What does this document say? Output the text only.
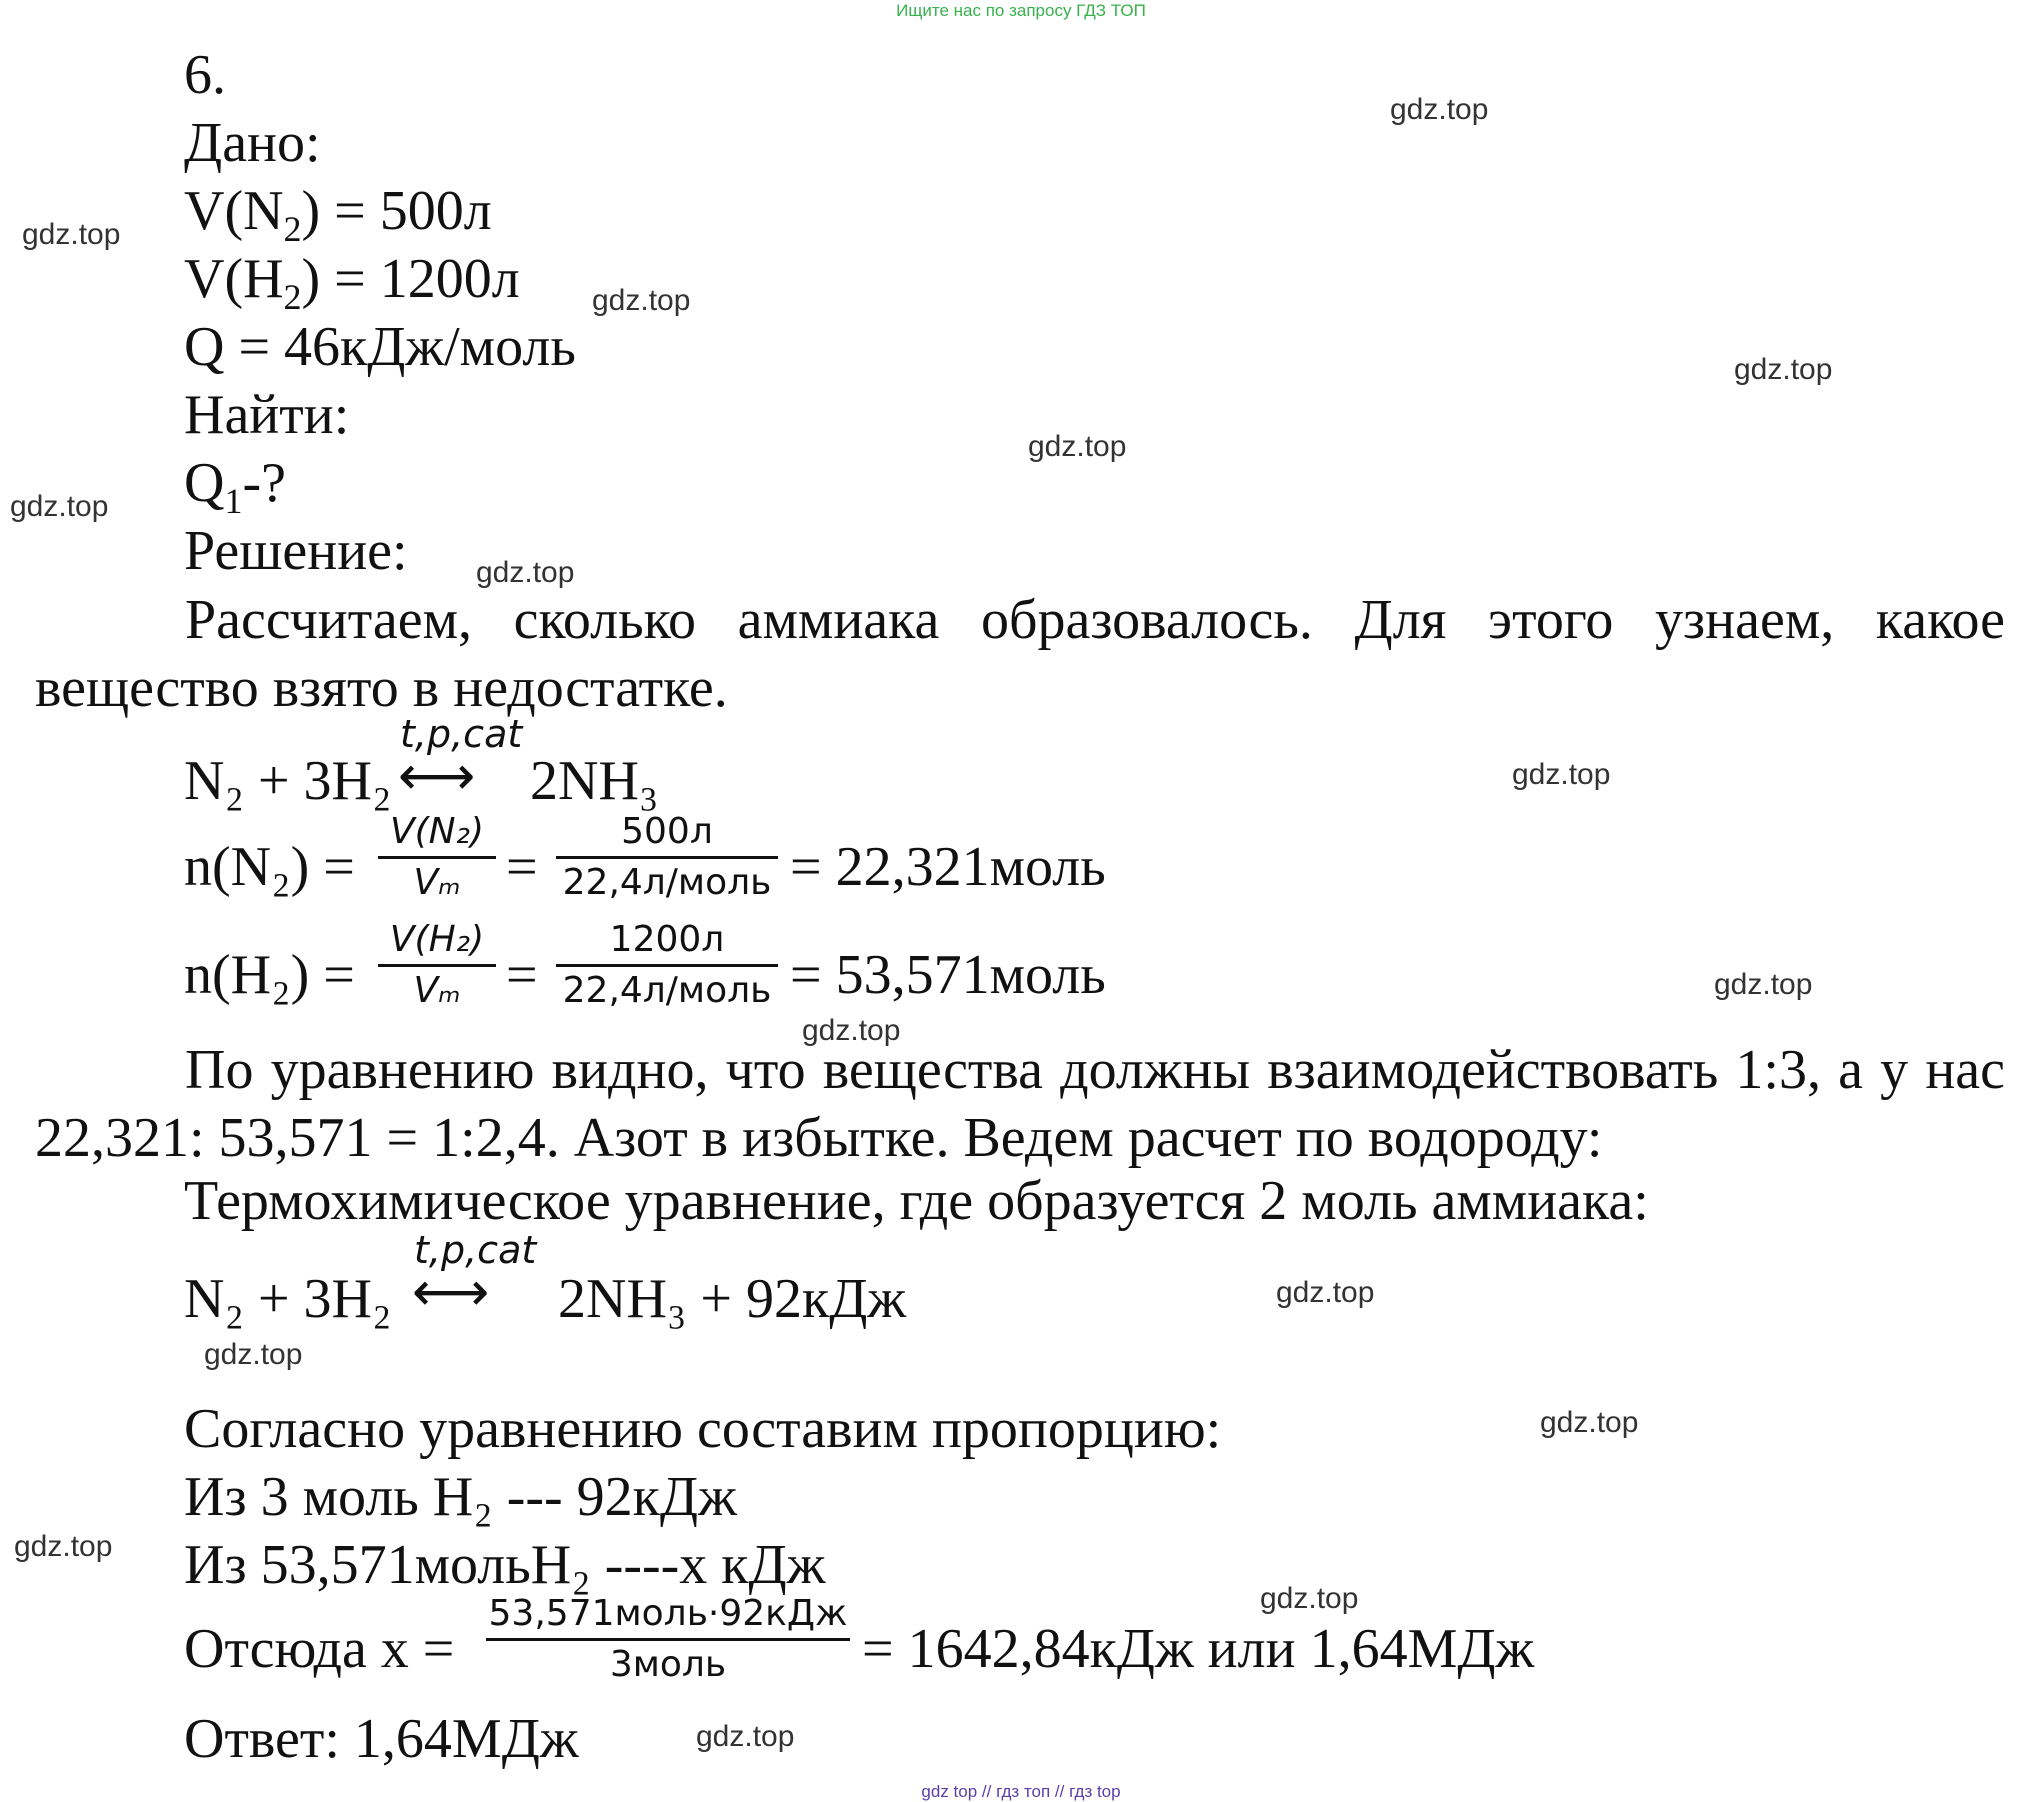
Ищите нас по запросу ГДЗ ТОП
gdz.top
gdz.top
gdz.top
gdz.top
gdz.top
gdz.top
gdz.top
gdz.top
gdz.top
gdz.top
gdz.top
gdz.top
gdz.top
gdz.top
gdz.top
gdz.top
6.
Дано:
$V(N_2) = 500л$
$V(H_2) = 1200л$
Q = 46кДж/моль
Найти:
$Q_1-$?
Решение:
Рассчитаем, сколько аммиака образовалось. Для этого узнаем, какое вещество взято в недостатке.
N₂ + 3H₂
t,p,cat
⟷ 2NH₃
n(N₂) =
V(N₂)
Vₘ =
500л
22,4л/моль = 22,321моль
n(H₂) =
V(H₂)
Vₘ =
1200л
22,4л/моль = 53,571моль
По уравнению видно, что вещества должны взаимодействовать 1:3, а у нас 22,321: 53,571 = 1:2,4. Азот в избытке. Ведем расчет по водороду:
Термохимическое уравнение, где образуется 2 моль аммиака:
N₂ + 3H₂
t,p,cat
⟷ 2NH₃ + 92кДж
Согласно уравнению составим пропорцию:
Из 3 моль H₂ --- 92кДж
Из 53,571мольH₂ ----x кДж
Отсюда x =
53,571моль·92кДж
3моль = 1642,84кДж или 1,64МДж
Ответ: 1,64МДж
gdz top // гдз топ // гдз top
